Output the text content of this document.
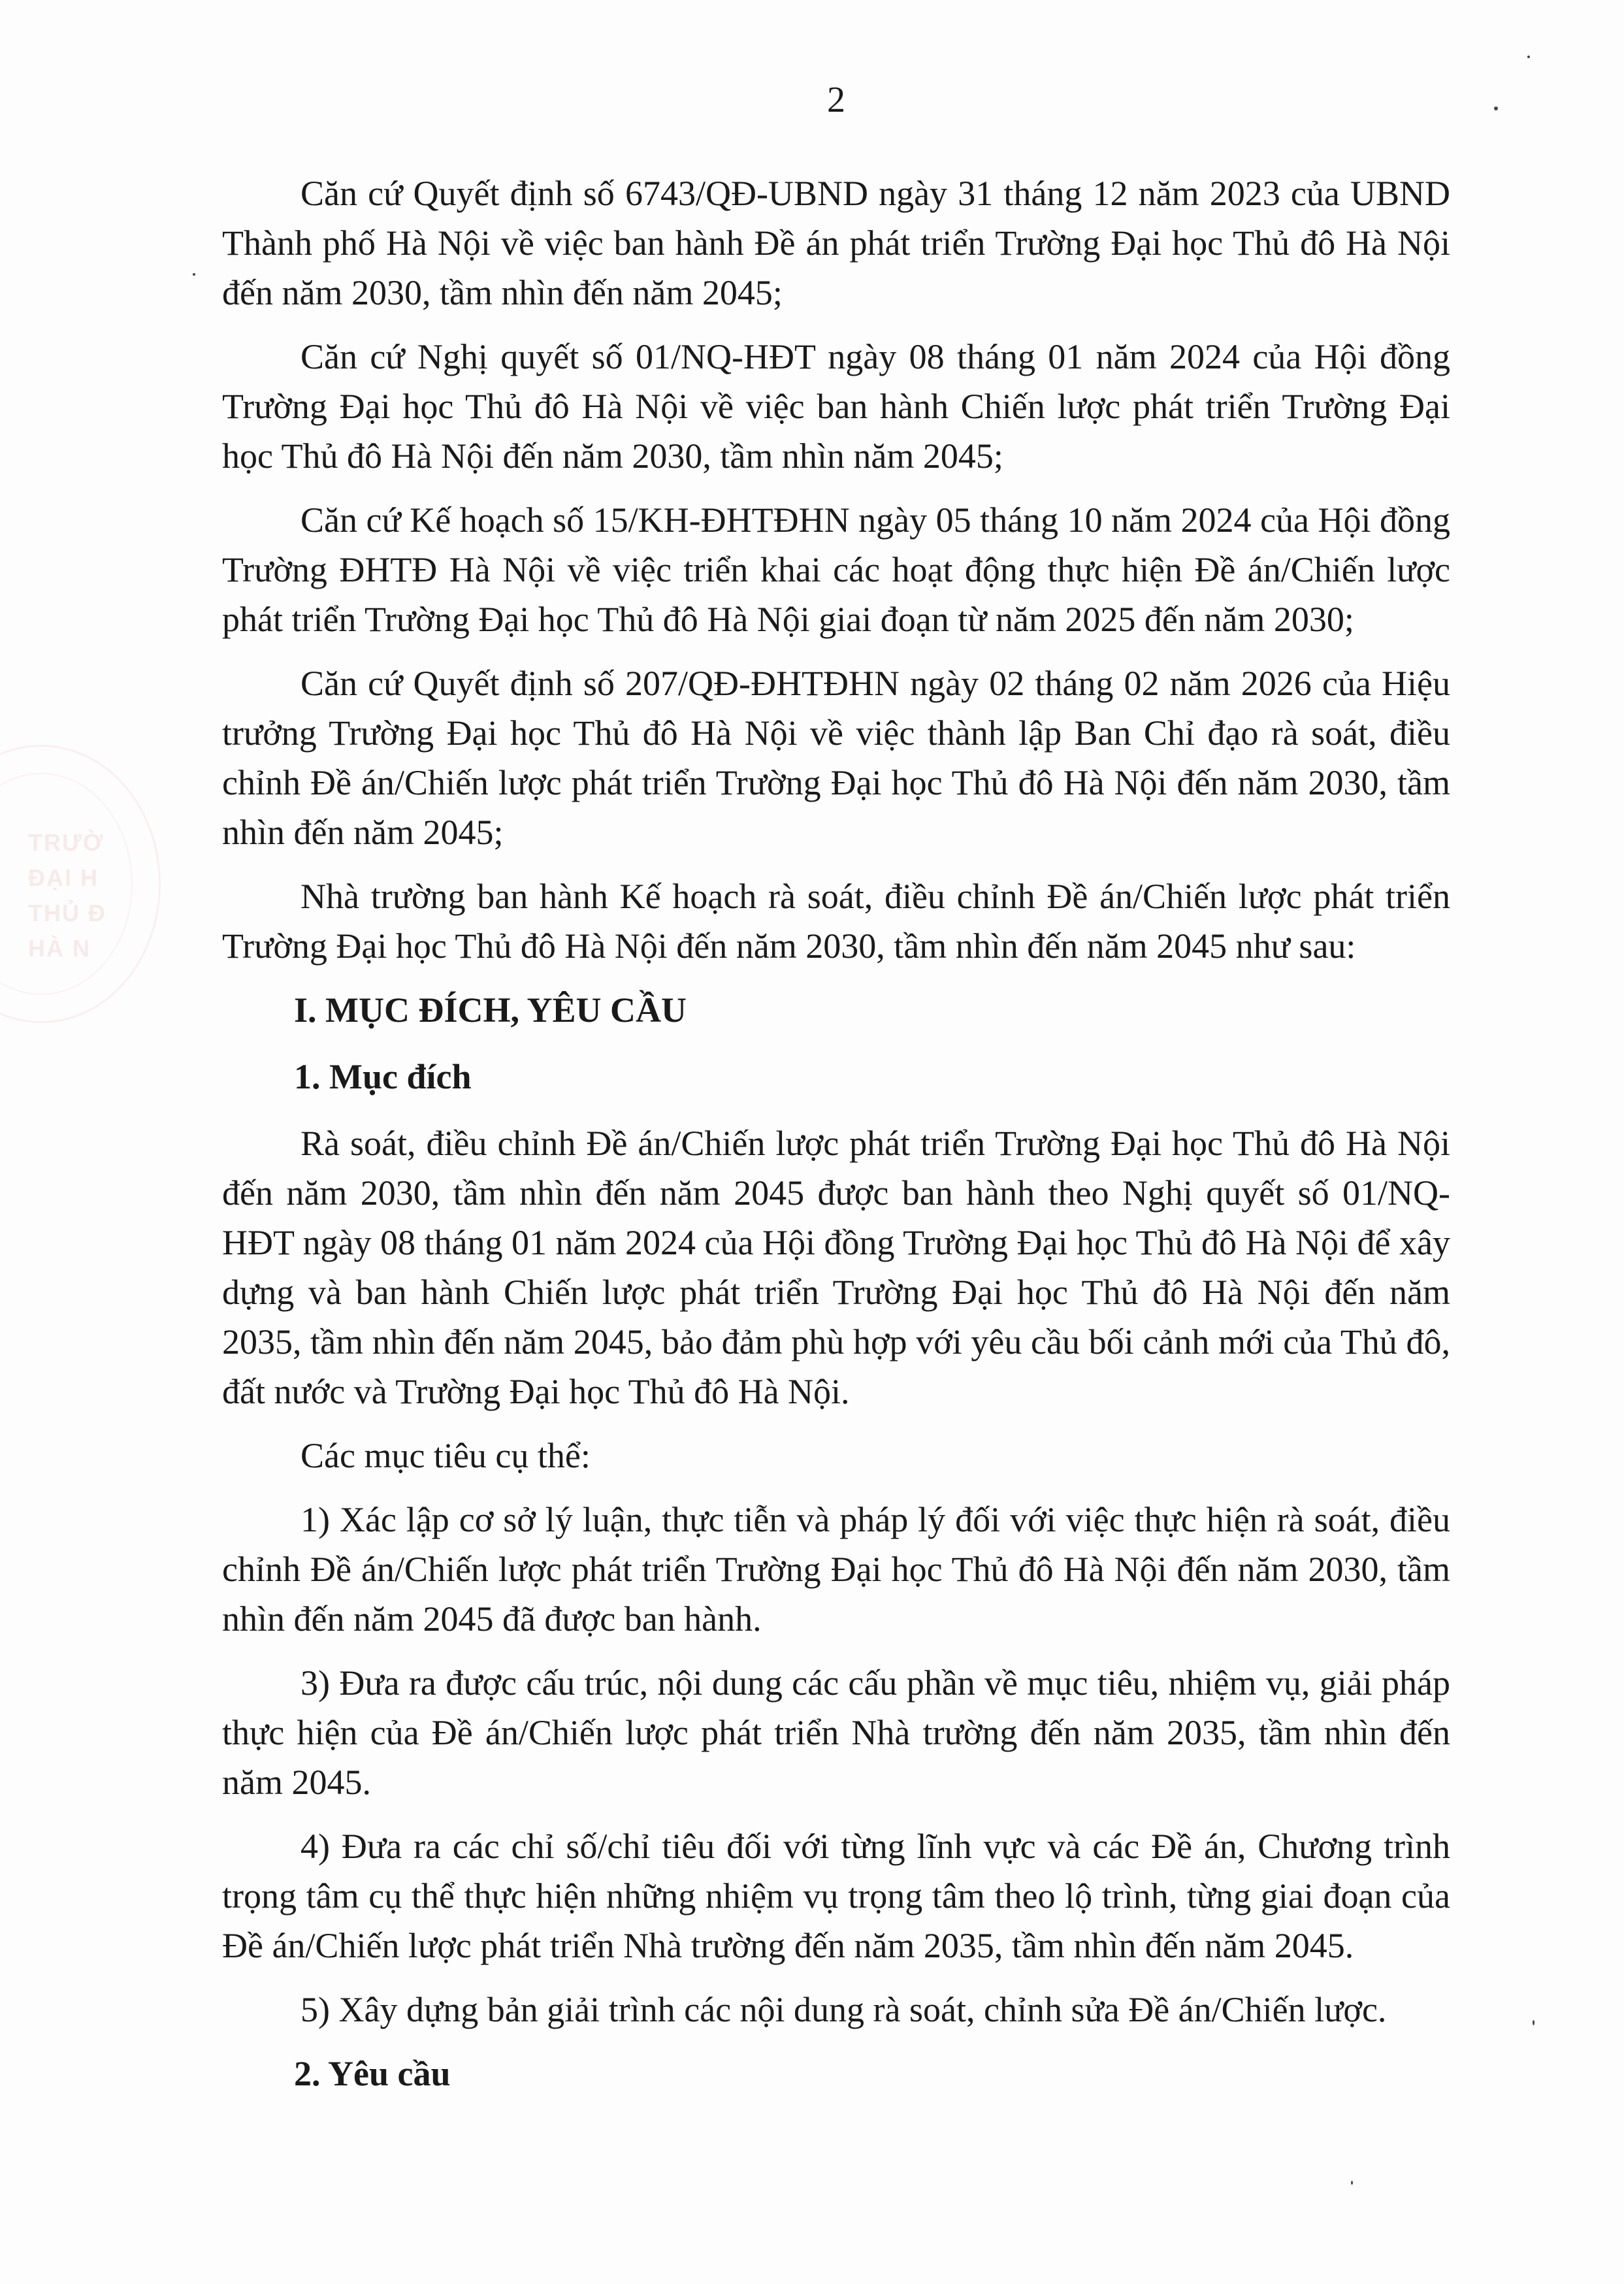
TRƯỜ
ĐẠI H
THỦ Đ
HÀ N
2

Căn cứ Quyết định số 6743/QĐ-UBND ngày 31 tháng 12 năm 2023 của UBND Thành phố Hà Nội về việc ban hành Đề án phát triển Trường Đại học Thủ đô Hà Nội đến năm 2030, tầm nhìn đến năm 2045;

Căn cứ Nghị quyết số 01/NQ-HĐT ngày 08 tháng 01 năm 2024 của Hội đồng Trường Đại học Thủ đô Hà Nội về việc ban hành Chiến lược phát triển Trường Đại học Thủ đô Hà Nội đến năm 2030, tầm nhìn năm 2045;

Căn cứ Kế hoạch số 15/KH-ĐHTĐHN ngày 05 tháng 10 năm 2024 của Hội đồng Trường ĐHTĐ Hà Nội về việc triển khai các hoạt động thực hiện Đề án/Chiến lược phát triển Trường Đại học Thủ đô Hà Nội giai đoạn từ năm 2025 đến năm 2030;

Căn cứ Quyết định số 207/QĐ-ĐHTĐHN ngày 02 tháng 02 năm 2026 của Hiệu trưởng Trường Đại học Thủ đô Hà Nội về việc thành lập Ban Chỉ đạo rà soát, điều chỉnh Đề án/Chiến lược phát triển Trường Đại học Thủ đô Hà Nội đến năm 2030, tầm nhìn đến năm 2045;

Nhà trường ban hành Kế hoạch rà soát, điều chỉnh Đề án/Chiến lược phát triển Trường Đại học Thủ đô Hà Nội đến năm 2030, tầm nhìn đến năm 2045 như sau:

I. MỤC ĐÍCH, YÊU CẦU
1. Mục đích

Rà soát, điều chỉnh Đề án/Chiến lược phát triển Trường Đại học Thủ đô Hà Nội đến năm 2030, tầm nhìn đến năm 2045 được ban hành theo Nghị quyết số 01/NQ-HĐT ngày 08 tháng 01 năm 2024 của Hội đồng Trường Đại học Thủ đô Hà Nội để xây dựng và ban hành Chiến lược phát triển Trường Đại học Thủ đô Hà Nội đến năm 2035, tầm nhìn đến năm 2045, bảo đảm phù hợp với yêu cầu bối cảnh mới của Thủ đô, đất nước và Trường Đại học Thủ đô Hà Nội.

Các mục tiêu cụ thể:

1) Xác lập cơ sở lý luận, thực tiễn và pháp lý đối với việc thực hiện rà soát, điều chỉnh Đề án/Chiến lược phát triển Trường Đại học Thủ đô Hà Nội đến năm 2030, tầm nhìn đến năm 2045 đã được ban hành.

3) Đưa ra được cấu trúc, nội dung các cấu phần về mục tiêu, nhiệm vụ, giải pháp thực hiện của Đề án/Chiến lược phát triển Nhà trường đến năm 2035, tầm nhìn đến năm 2045.

4) Đưa ra các chỉ số/chỉ tiêu đối với từng lĩnh vực và các Đề án, Chương trình trọng tâm cụ thể thực hiện những nhiệm vụ trọng tâm theo lộ trình, từng giai đoạn của Đề án/Chiến lược phát triển Nhà trường đến năm 2035, tầm nhìn đến năm 2045.

5) Xây dựng bản giải trình các nội dung rà soát, chỉnh sửa Đề án/Chiến lược.

2. Yêu cầu
